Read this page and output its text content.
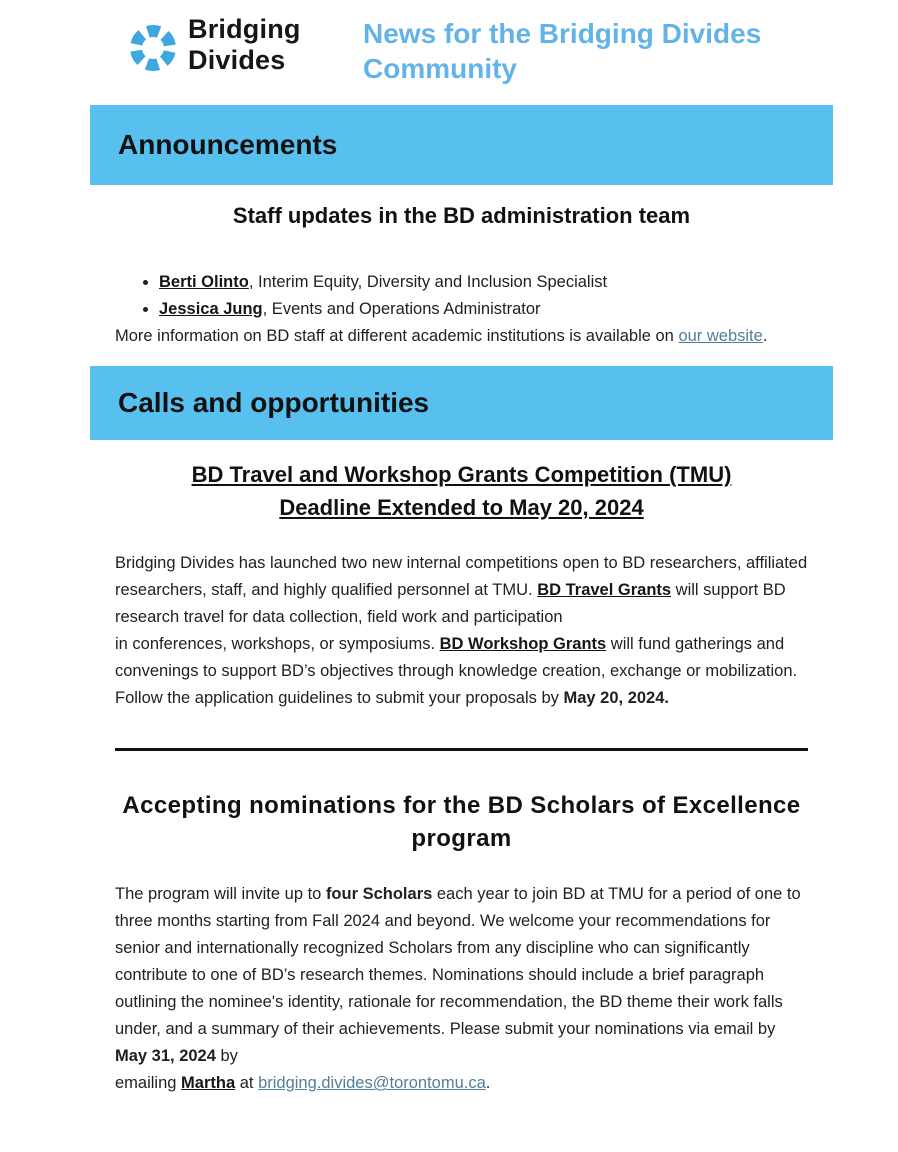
Bridging
Divides
News for the Bridging Divides
Community
Announcements
Staff updates in the BD administration team
• Berti Olinto, Interim Equity, Diversity and Inclusion Specialist
• Jessica Jung, Events and Operations Administrator

More information on BD staff at different academic institutions is available on our website.

Calls and opportunities
BD Travel and Workshop Grants Competition (TMU)
Deadline Extended to May 20, 2024

Bridging Divides has launched two new internal competitions open to BD researchers, affiliated researchers, staff, and highly qualified personnel at TMU. BD Travel Grants will support BD research travel for data collection, field work and participation
in conferences, workshops, or symposiums. BD Workshop Grants will fund gatherings and convenings to support BD’s objectives through knowledge creation, exchange or mobilization. Follow the application guidelines to submit your proposals by May 20, 2024.

Accepting nominations for the BD Scholars of Excellence program

The program will invite up to four Scholars each year to join BD at TMU for a period of one to three months starting from Fall 2024 and beyond. We welcome your recommendations for senior and internationally recognized Scholars from any discipline who can significantly contribute to one of BD’s research themes. Nominations should include a brief paragraph outlining the nominee's identity, rationale for recommendation, the BD theme their work falls under, and a summary of their achievements. Please submit your nominations via email by May 31, 2024 by
emailing Martha at bridging.divides@torontomu.ca.
